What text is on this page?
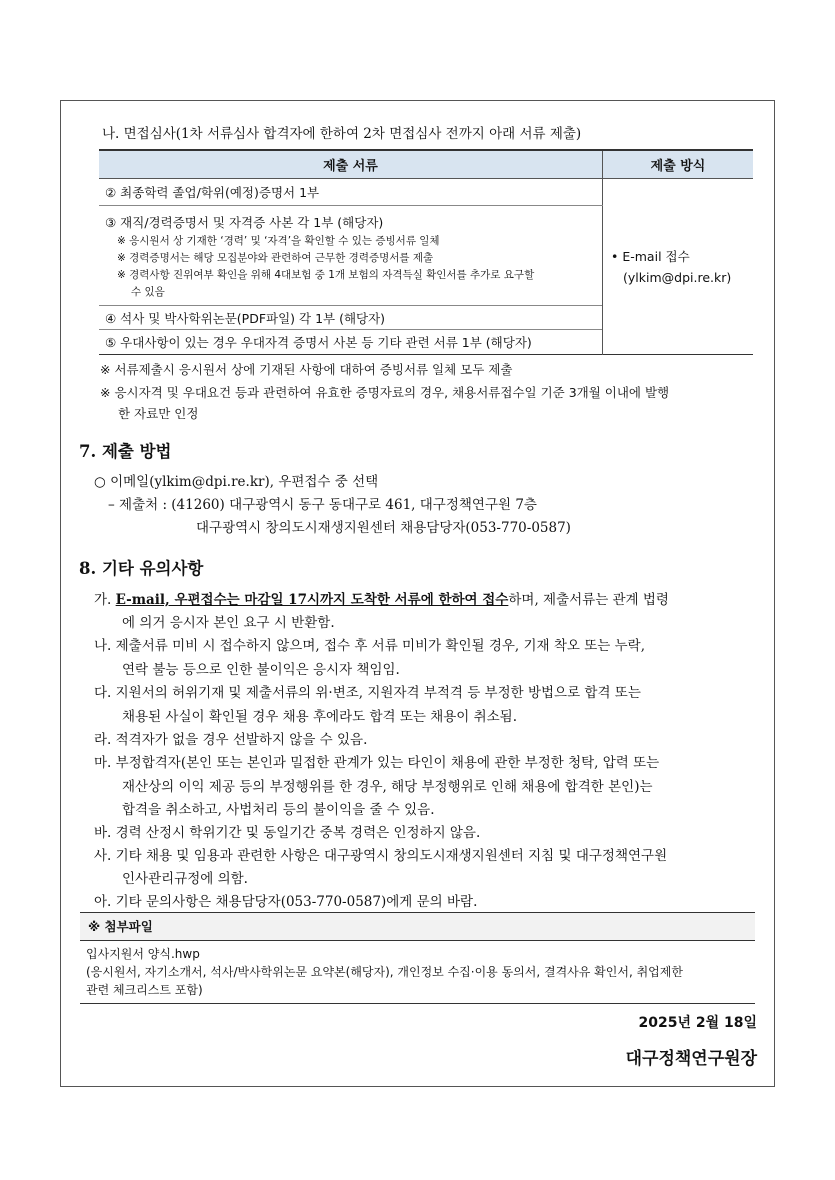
나. 면접심사(1차 서류심사 합격자에 한하여 2차 면접심사 전까지 아래 서류 제출)
제출 서류	제출 방식
② 최종학력 졸업/학위(예정)증명서 1부	• E-mail 접수
(ylkim@dpi.re.kr)

③ 재직/경력증명서 및 자격증 사본 각 1부 (해당자)
※ 응시원서 상 기재한 ‘경력’ 및 ‘자격’을 확인할 수 있는 증빙서류 일체
※ 경력증명서는 해당 모집분야와 관련하여 근무한 경력증명서를 제출
※ 경력사항 진위여부 확인을 위해 4대보험 중 1개 보험의 자격득실 확인서를 추가로 요구할
수 있음	

④ 석사 및 박사학위논문(PDF파일) 각 1부 (해당자)	
⑤ 우대사항이 있는 경우 우대자격 증명서 사본 등 기타 관련 서류 1부 (해당자)	
※ 서류제출시 응시원서 상에 기재된 사항에 대하여 증빙서류 일체 모두 제출
※ 응시자격 및 우대요건 등과 관련하여 유효한 증명자료의 경우, 채용서류접수일 기준 3개월 이내에 발행
한 자료만 인정
7. 제출 방법
○ 이메일(ylkim@dpi.re.kr), 우편접수 중 선택
– 제출처 : (41260) 대구광역시 동구 동대구로 461, 대구정책연구원 7층
대구광역시 창의도시재생지원센터 채용담당자(053-770-0587)
8. 기타 유의사항
가. E-mail, 우편접수는 마감일 17시까지 도착한 서류에 한하여 접수하며, 제출서류는 관계 법령
에 의거 응시자 본인 요구 시 반환함.
나. 제출서류 미비 시 접수하지 않으며, 접수 후 서류 미비가 확인될 경우, 기재 착오 또는 누락,
연락 불능 등으로 인한 불이익은 응시자 책임임.
다. 지원서의 허위기재 및 제출서류의 위·변조, 지원자격 부적격 등 부정한 방법으로 합격 또는
채용된 사실이 확인될 경우 채용 후에라도 합격 또는 채용이 취소됨.
라. 적격자가 없을 경우 선발하지 않을 수 있음.
마. 부정합격자(본인 또는 본인과 밀접한 관계가 있는 타인이 채용에 관한 부정한 청탁, 압력 또는
재산상의 이익 제공 등의 부정행위를 한 경우, 해당 부정행위로 인해 채용에 합격한 본인)는
합격을 취소하고, 사법처리 등의 불이익을 줄 수 있음.
바. 경력 산정시 학위기간 및 동일기간 중복 경력은 인정하지 않음.
사. 기타 채용 및 임용과 관련한 사항은 대구광역시 창의도시재생지원센터 지침 및 대구정책연구원
인사관리규정에 의함.
아. 기타 문의사항은 채용담당자(053-770-0587)에게 문의 바람.
※ 첨부파일
입사지원서 양식.hwp
(응시원서, 자기소개서, 석사/박사학위논문 요약본(해당자), 개인정보 수집·이용 동의서, 결격사유 확인서, 취업제한
관련 체크리스트 포함)
2025년 2월 18일
대구정책연구원장
